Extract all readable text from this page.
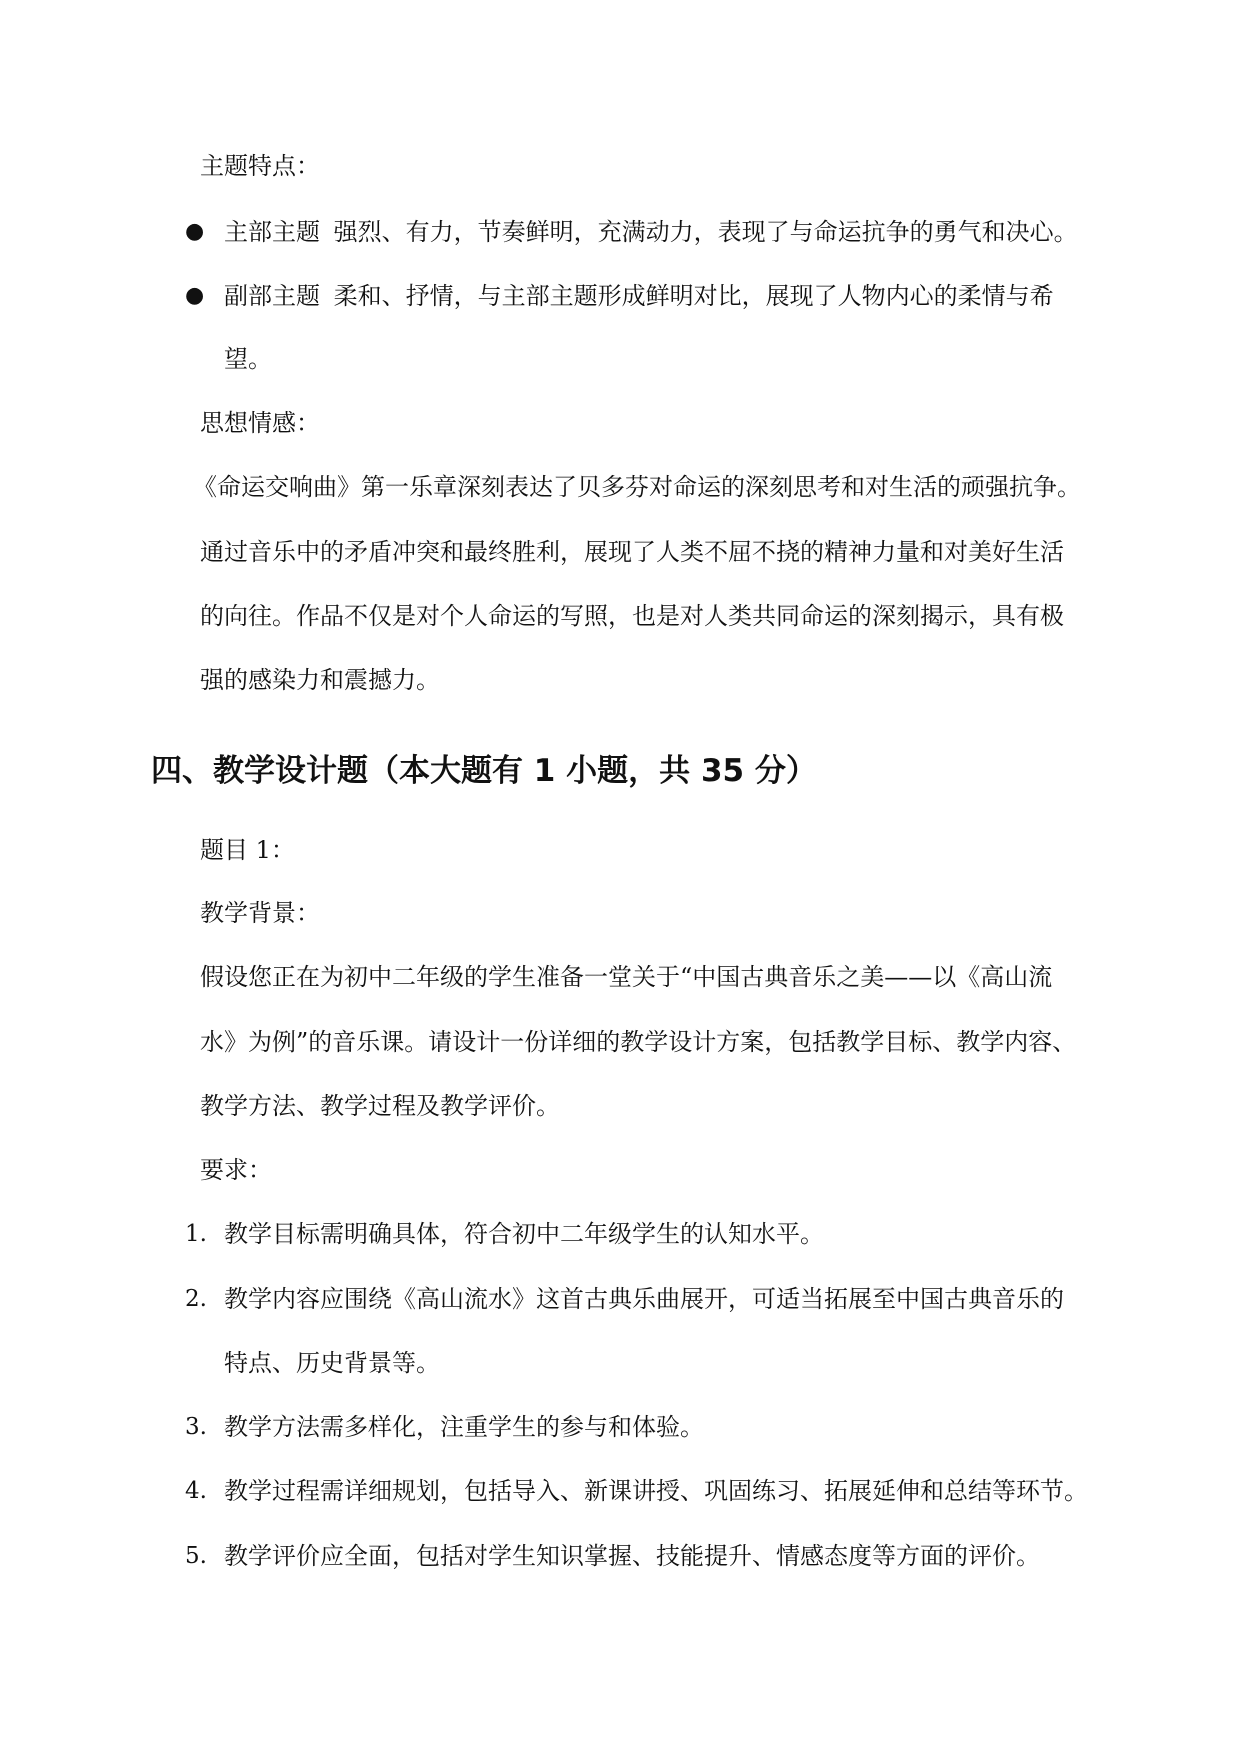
主题特点：
● 主部主题 强烈、有力，节奏鲜明，充满动力，表现了与命运抗争的勇气和决心。
● 副部主题 柔和、抒情，与主部主题形成鲜明对比，展现了人物内心的柔情与希
望。
思想情感：
《命运交响曲》第一乐章深刻表达了贝多芬对命运的深刻思考和对生活的顽强抗争。
通过音乐中的矛盾冲突和最终胜利，展现了人类不屈不挠的精神力量和对美好生活
的向往。作品不仅是对个人命运的写照，也是对人类共同命运的深刻揭示，具有极
强的感染力和震撼力。
四、教学设计题（本大题有 1 小题，共 35 分）
题目 1：
教学背景：
假设您正在为初中二年级的学生准备一堂关于“中国古典音乐之美——以《高山流
水》为例”的音乐课。请设计一份详细的教学设计方案，包括教学目标、教学内容、
教学方法、教学过程及教学评价。
要求：
1. 教学目标需明确具体，符合初中二年级学生的认知水平。
2. 教学内容应围绕《高山流水》这首古典乐曲展开，可适当拓展至中国古典音乐的
特点、历史背景等。
3. 教学方法需多样化，注重学生的参与和体验。
4. 教学过程需详细规划，包括导入、新课讲授、巩固练习、拓展延伸和总结等环节。
5. 教学评价应全面，包括对学生知识掌握、技能提升、情感态度等方面的评价。
